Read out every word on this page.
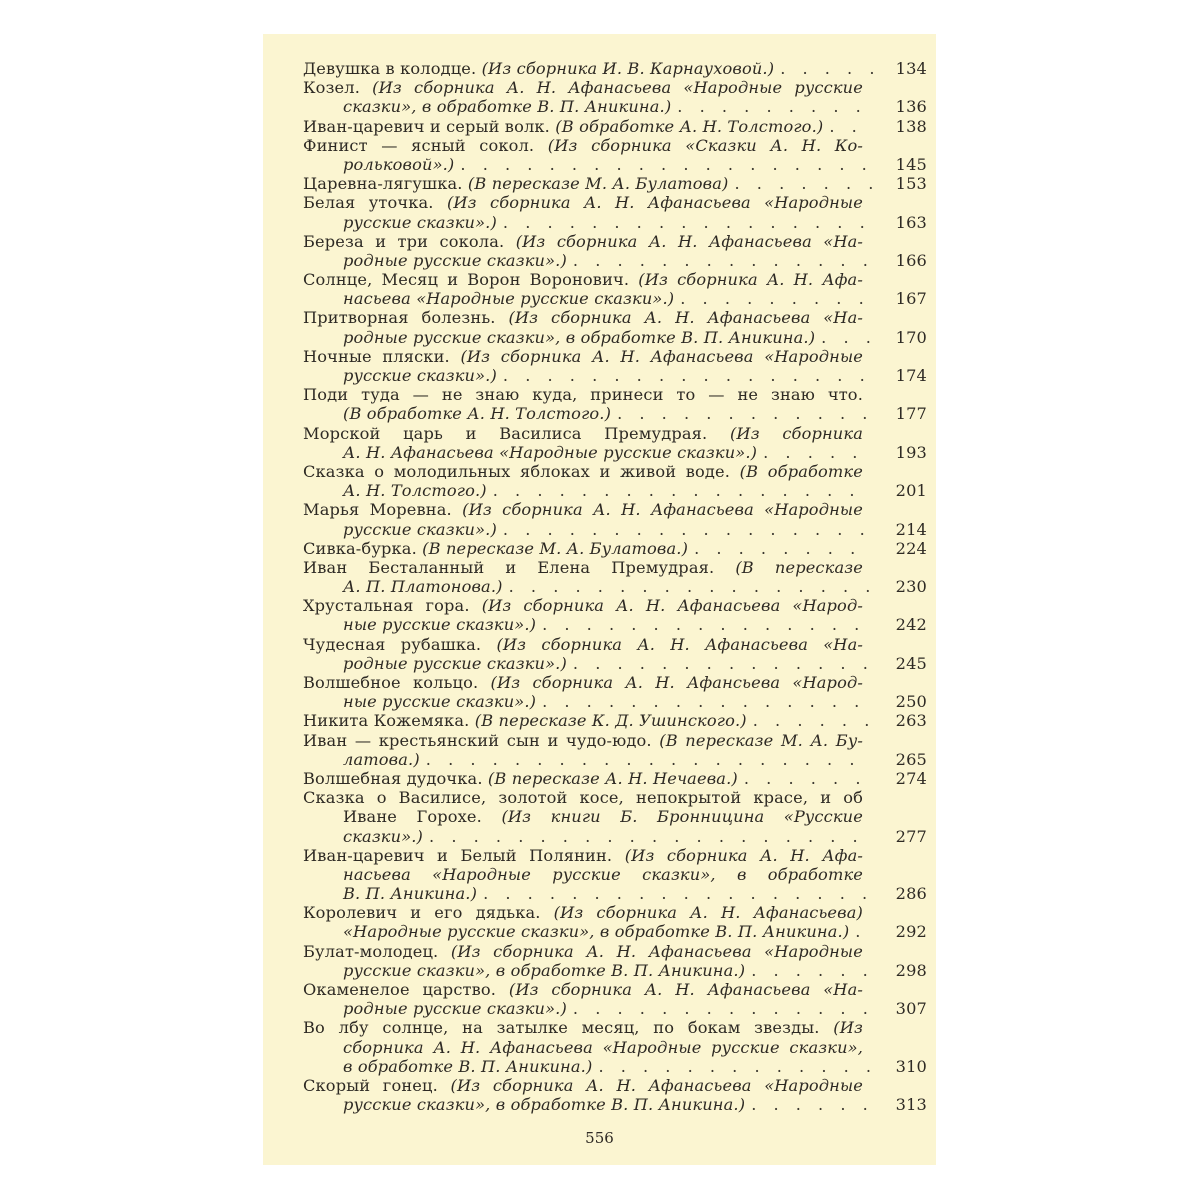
Девушка в колодце. (Из сборника И. В. Карнауховой.) . . .	134
Козел. (Из сборника А. Н. Афанасьева «Народные русские
сказки», в обработке В. П. Аникина.) . . .	136
Иван-царевич и серый волк. (В обработке А. Н. Толстого.) . . .	138
Финист — ясный сокол. (Из сборника «Сказки А. Н. Ко-
рольковой».) . . .	145
Царевна-лягушка. (В пересказе М. А. Булатова) . . .	153
Белая уточка. (Из сборника А. Н. Афанасьева «Народные
русские сказки».) . . .	163
Береза и три сокола. (Из сборника А. Н. Афанасьева «На-
родные русские сказки».) . . .	166
Солнце, Месяц и Ворон Воронович. (Из сборника А. Н. Афа-
насьева «Народные русские сказки».) . . .	167
Притворная болезнь. (Из сборника А. Н. Афанасьева «На-
родные русские сказки», в обработке В. П. Аникина.) . . .	170
Ночные пляски. (Из сборника А. Н. Афанасьева «Народные
русские сказки».) . . .	174
Поди туда — не знаю куда, принеси то — не знаю что.
(В обработке А. Н. Толстого.) . . .	177
Морской царь и Василиса Премудрая. (Из сборника
А. Н. Афанасьева «Народные русские сказки».) . . .	193
Сказка о молодильных яблоках и живой воде. (В обработке
А. Н. Толстого.) . . .	201
Марья Моревна. (Из сборника А. Н. Афанасьева «Народные
русские сказки».) . . .	214
Сивка-бурка. (В пересказе М. А. Булатова.) . . .	224
Иван Бесталанный и Елена Премудрая. (В пересказе
А. П. Платонова.) . . .	230
Хрустальная гора. (Из сборника А. Н. Афанасьева «Народ-
ные русские сказки».) . . .	242
Чудесная рубашка. (Из сборника А. Н. Афанасьева «На-
родные русские сказки».) . . .	245
Волшебное кольцо. (Из сборника А. Н. Афансьева «Народ-
ные русские сказки».) . . .	250
Никита Кожемяка. (В пересказе К. Д. Ушинского.) . . .	263
Иван — крестьянский сын и чудо-юдо. (В пересказе М. А. Бу-
латова.) . . .	265
Волшебная дудочка. (В пересказе А. Н. Нечаева.) . . .	274
Сказка о Василисе, золотой косе, непокрытой красе, и об
Иване Горохе. (Из книги Б. Бронницина «Русские
сказки».) . . .	277
Иван-царевич и Белый Полянин. (Из сборника А. Н. Афа-
насьева «Народные русские сказки», в обработке
В. П. Аникина.) . . .	286
Королевич и его дядька. (Из сборника А. Н. Афанасьева)
«Народные русские сказки», в обработке В. П. Аникина.) . . .	292
Булат-молодец. (Из сборника А. Н. Афанасьева «Народные
русские сказки», в обработке В. П. Аникина.) . . .	298
Окаменелое царство. (Из сборника А. Н. Афанасьева «На-
родные русские сказки».) . . .	307
Во лбу солнце, на затылке месяц, по бокам звезды. (Из
сборника А. Н. Афанасьева «Народные русские сказки»,
в обработке В. П. Аникина.) . . .	310
Скорый гонец. (Из сборника А. Н. Афанасьева «Народные
русские сказки», в обработке В. П. Аникина.) . . .	313
556
